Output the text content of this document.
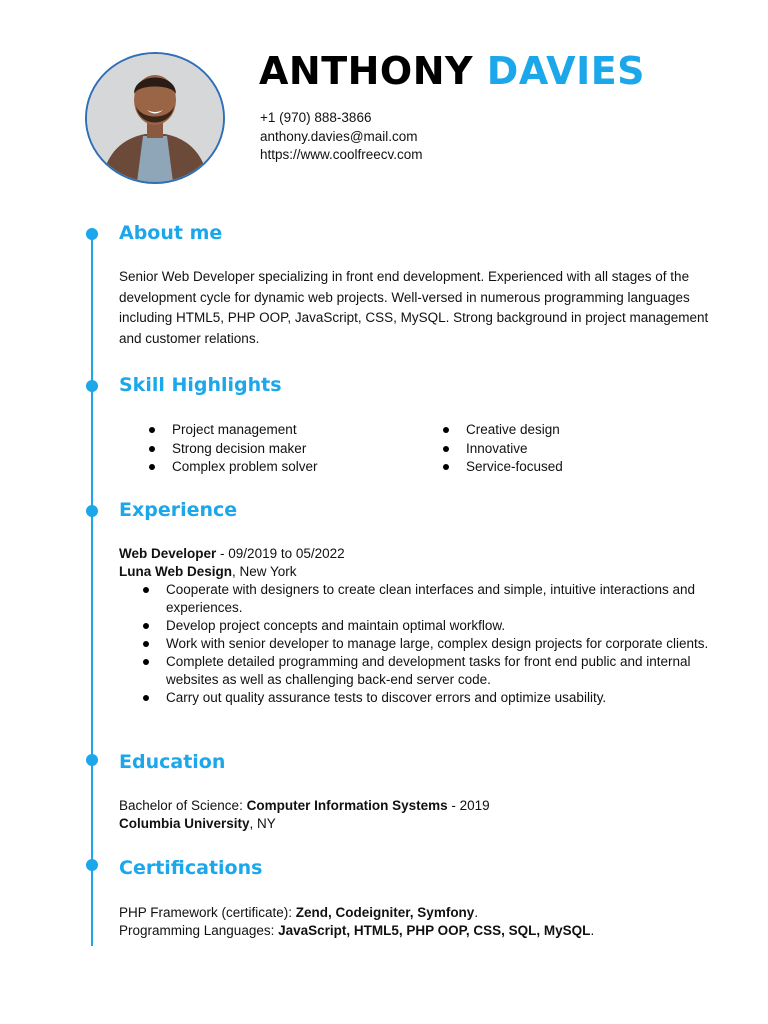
ANTHONY DAVIES
+1 (970) 888-3866
anthony.davies@mail.com
https://www.coolfreecv.com
About me

Senior Web Developer specializing in front end development. Experienced with all stages of the development cycle for dynamic web projects. Well-versed in numerous programming languages including HTML5, PHP OOP, JavaScript, CSS, MySQL. Strong background in project management and customer relations.

Skill Highlights
Project management
Strong decision maker
Complex problem solver
Creative design
Innovative
Service-focused
Experience
Web Developer - 09/2019 to 05/2022
Luna Web Design, New York
Cooperate with designers to create clean interfaces and simple, intuitive interactions and experiences.
Develop project concepts and maintain optimal workflow.
Work with senior developer to manage large, complex design projects for corporate clients.
Complete detailed programming and development tasks for front end public and internal websites as well as challenging back-end server code.
Carry out quality assurance tests to discover errors and optimize usability.
Education
Bachelor of Science: Computer Information Systems - 2019
Columbia University, NY
Certifications
PHP Framework (certificate): Zend, Codeigniter, Symfony.
Programming Languages: JavaScript, HTML5, PHP OOP, CSS, SQL, MySQL.
